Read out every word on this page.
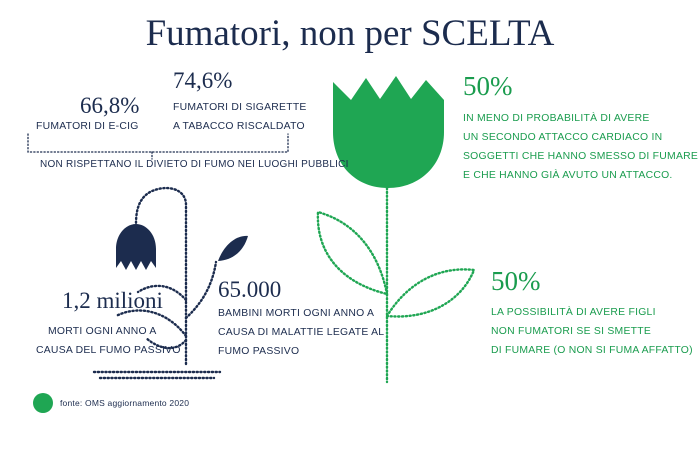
Fumatori, non per SCELTA
66,8%
FUMATORI DI E-CIG
74,6%
FUMATORI DI SIGARETTE
A TABACCO RISCALDATO
NON RISPETTANO IL DIVIETO DI FUMO NEI LUOGHI PUBBLICI
1,2 milioni
MORTI OGNI ANNO A
CAUSA DEL FUMO PASSIVO
65.000
BAMBINI MORTI OGNI ANNO A
CAUSA DI MALATTIE LEGATE AL
FUMO PASSIVO
50%
IN MENO DI PROBABILITÀ DI AVERE
UN SECONDO ATTACCO CARDIACO IN
SOGGETTI CHE HANNO SMESSO DI FUMARE
E CHE HANNO GIÀ AVUTO UN ATTACCO.
50%
LA POSSIBILITÀ DI AVERE FIGLI
NON FUMATORI SE SI SMETTE
DI FUMARE (O NON SI FUMA AFFATTO)
fonte: OMS aggiornamento 2020
